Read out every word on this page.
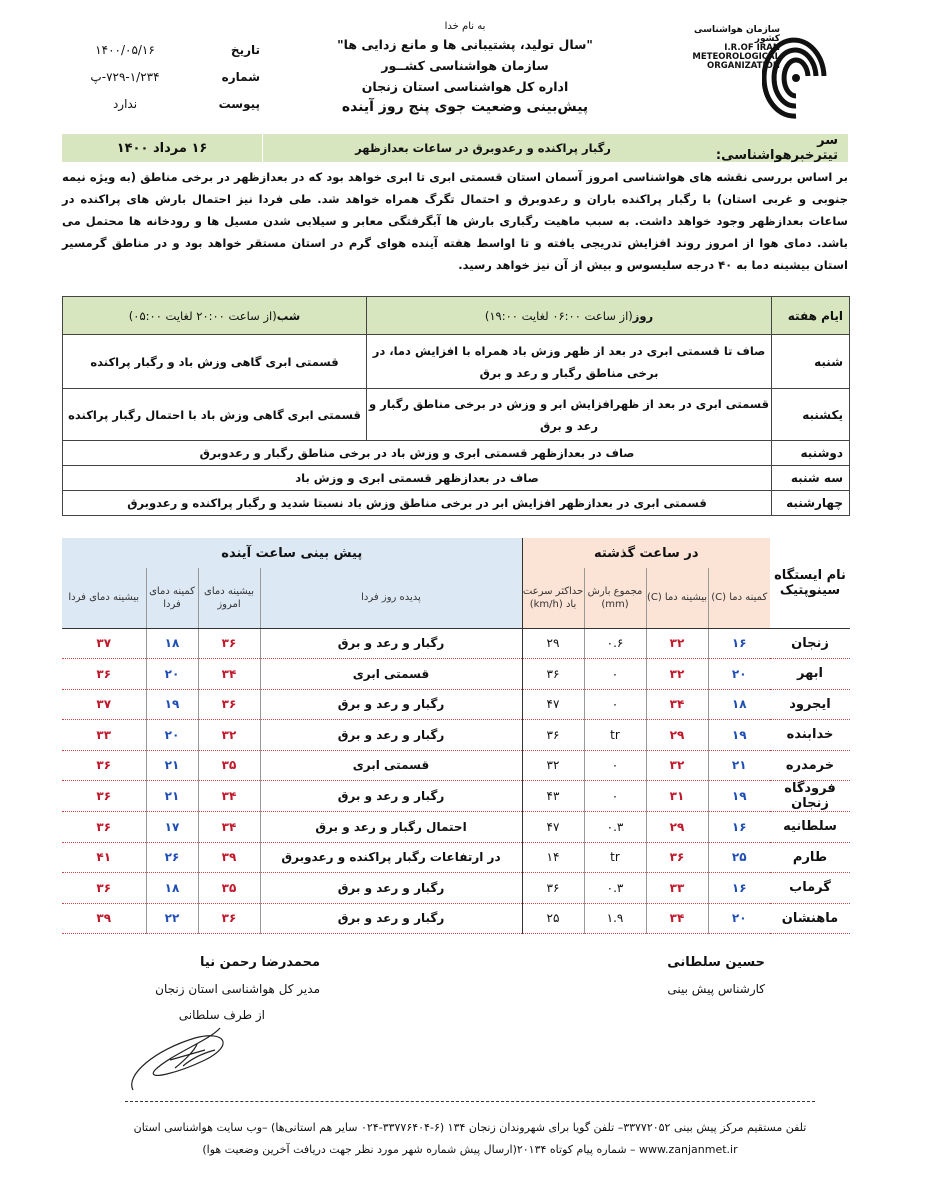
سازمان هواشناسی کشور
I.R.OF IRAN
METEOROLOGICAL
ORGANIZATION
به نام خدا
"سال تولید، پشتیبانی ها و مانع زدایی ها"
سازمان هواشناسی کشــور
اداره کل هواشناسی استان زنجان
پیش‌بینی وضعیت جوی پنج روز آینده
تاریخ
۱۴۰۰/۰۵/۱۶
شماره
۷۲۹-۱/۲۳۴-پ
پیوست
ندارد
سر تیترخبرهواشناسی:
رگبار پراکنده و رعدوبرق در ساعات بعدازظهر
۱۶ مرداد ۱۴۰۰
بر اساس بررسی نقشه های هواشناسی امروز آسمان استان قسمتی ابری تا ابری خواهد بود که در بعدازظهر در برخی مناطق (به ویژه نیمه جنوبی و غربی استان) با رگبار پراکنده باران و رعدوبرق و احتمال تگرگ همراه خواهد شد. طی فردا نیز احتمال بارش های پراکنده در ساعات بعدازظهر وجود خواهد داشت. به سبب ماهیت رگباری بارش ها آبگرفتگی معابر و سیلابی شدن مسیل ها و رودخانه ها محتمل می باشد. دمای هوا از امروز روند افزایش تدریجی یافته و تا اواسط هفته آینده هوای گرم در استان مستقر خواهد بود و در مناطق گرمسیر استان بیشینه دما به ۴۰ درجه سلیسوس و بیش از آن نیز خواهد رسید.
ایام هفته	روز(از ساعت ۰۶:۰۰ لغایت ۱۹:۰۰)	شب(از ساعت ۲۰:۰۰ لغایت ۰۵:۰۰)
شنبه	صاف تا قسمتی ابری در بعد از ظهر وزش باد همراه با افزایش دما، در برخی مناطق رگبار و رعد و برق	قسمتی ابری گاهی وزش باد و رگبار پراکنده
یکشنبه	قسمتی ابری در بعد از ظهرافزایش ابر و وزش در برخی مناطق رگبار و رعد و برق	قسمتی ابری گاهی وزش باد با احتمال رگبار پراکنده
دوشنبه	صاف در بعدازظهر قسمتی ابری و وزش باد در برخی مناطق رگبار و رعدوبرق	
سه شنبه	صاف در بعدازظهر قسمتی ابری و وزش باد	
چهارشنبه	قسمتی ابری در بعدازظهر افزایش ابر در برخی مناطق وزش باد نسبتا شدید و رگبار پراکنده و رعدوبرق	
نام ایستگاه سینوپتیک	در ساعت گذشته				پیش بینی ساعت آینده			
	کمینه دما (C)	بیشینه دما (C)	مجموع بارش (mm)	حداکثر سرعت باد (km/h)	پدیده روز فردا	بیشینه دمای امروز	کمینه دمای فردا	بیشینه دمای فردا
زنجان	۱۶	۳۲	۰.۶	۲۹	رگبار و رعد و برق	۳۶	۱۸	۳۷
ابهر	۲۰	۳۲	۰	۳۶	قسمتی ابری	۳۴	۲۰	۳۶
ایجرود	۱۸	۳۴	۰	۴۷	رگبار و رعد و برق	۳۶	۱۹	۳۷
خدابنده	۱۹	۲۹	tr	۳۶	رگبار و رعد و برق	۳۲	۲۰	۳۳
خرمدره	۲۱	۳۲	۰	۳۲	قسمتی ابری	۳۵	۲۱	۳۶
فرودگاه زنجان	۱۹	۳۱	۰	۴۳	رگبار و رعد و برق	۳۴	۲۱	۳۶
سلطانیه	۱۶	۲۹	۰.۳	۴۷	احتمال رگبار و رعد و برق	۳۴	۱۷	۳۶
طارم	۲۵	۳۶	tr	۱۴	در ارتفاعات رگبار پراکنده و رعدوبرق	۳۹	۲۶	۴۱
گرماب	۱۶	۳۳	۰.۳	۳۶	رگبار و رعد و برق	۳۵	۱۸	۳۶
ماهنشان	۲۰	۳۴	۱.۹	۲۵	رگبار و رعد و برق	۳۶	۲۲	۳۹
حسین سلطانی
کارشناس پیش بینی
محمدرضا رحمن نیا
مدیر کل هواشناسی استان زنجان
از طرف سلطانی
تلفن مستقیم مرکز پیش بینی ۳۳۷۷۲۰۵۲– تلفن گویا برای شهروندان زنجان ۱۳۴ (۶-۳۳۷۷۶۴۰۴-۰۲۴ سایر هم استانی‌ها) –وب سایت هواشناسی استان
www.zanjanmet.ir – شماره پیام کوتاه ۲۰۱۳۴(ارسال پیش شماره شهر مورد نظر جهت دریافت آخرین وضعیت هوا)
